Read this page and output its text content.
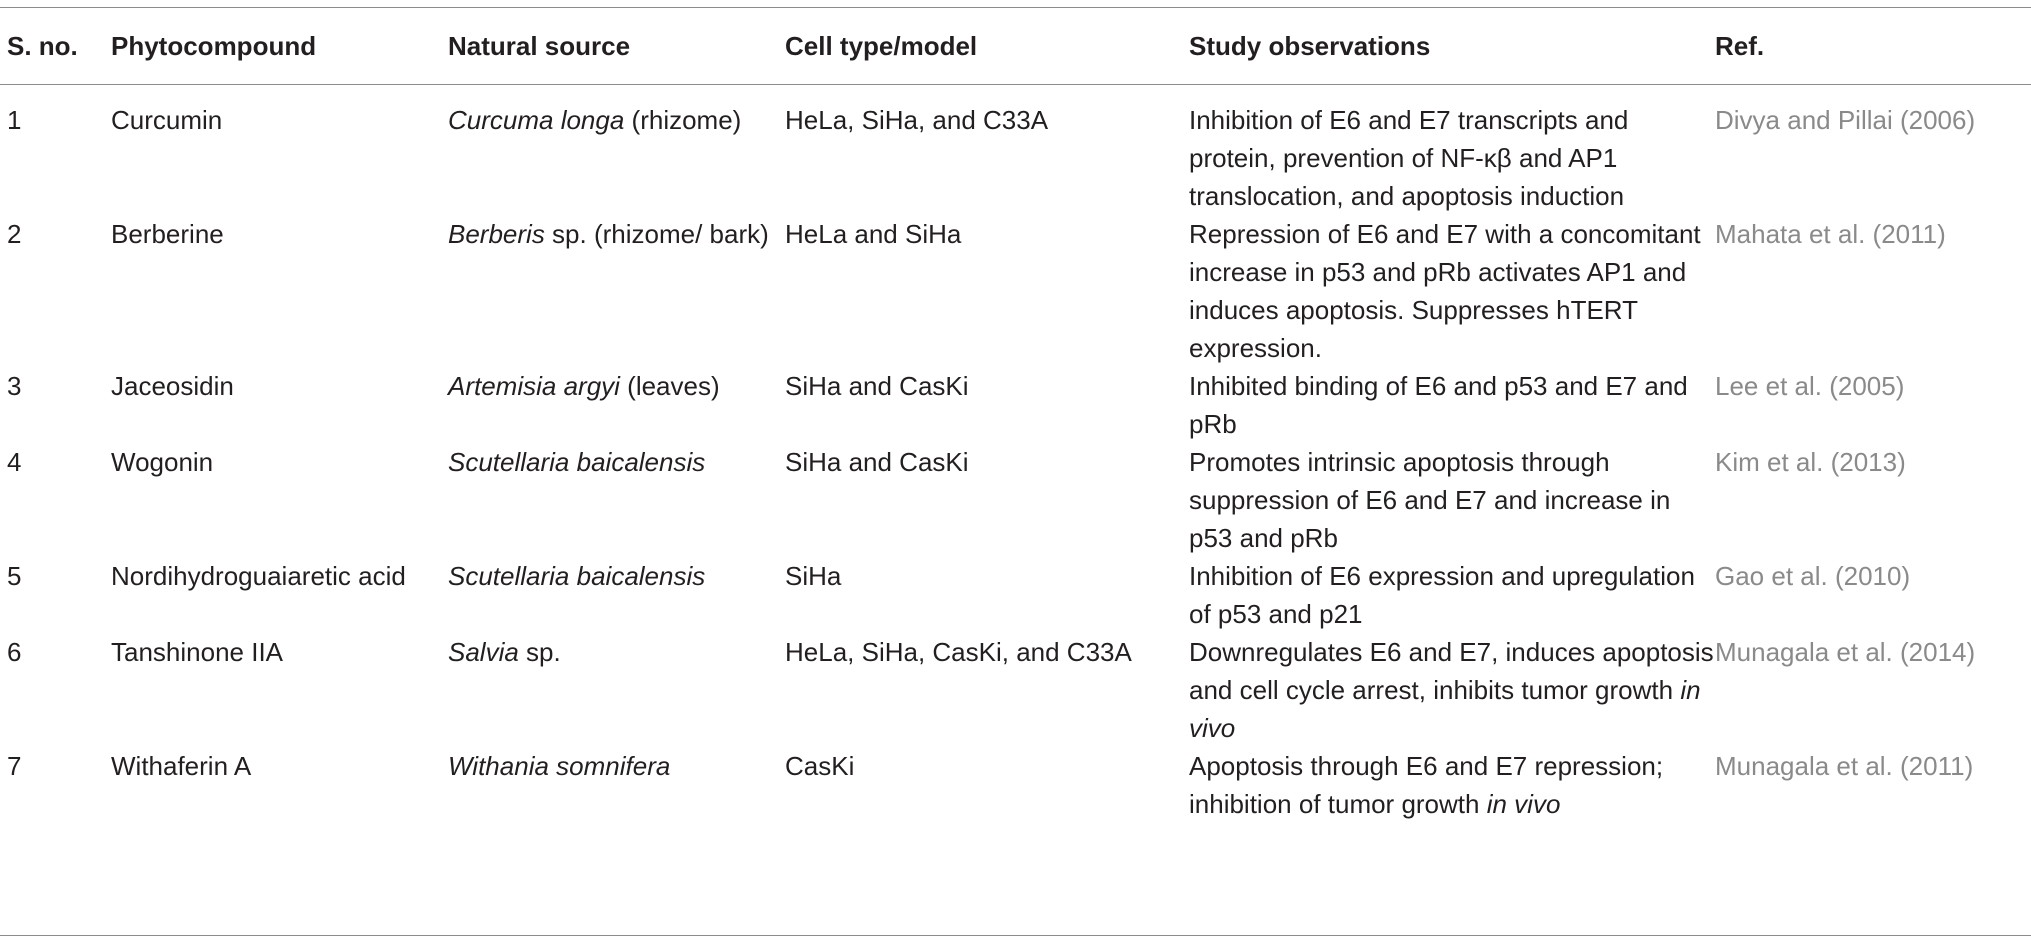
S. no.	Phytocompound	Natural source	Cell type/model	Study observations	Ref.
1	Curcumin	Curcuma longa (rhizome)	HeLa, SiHa, and C33A	Inhibition of E6 and E7 transcripts and protein, prevention of NF-κβ and AP1 translocation, and apoptosis induction	Divya and Pillai (2006)
2	Berberine	Berberis sp. (rhizome/ bark)	HeLa and SiHa	Repression of E6 and E7 with a concomitant increase in p53 and pRb activates AP1 and induces apoptosis. Suppresses hTERT expression.	Mahata et al. (2011)
3	Jaceosidin	Artemisia argyi (leaves)	SiHa and CasKi	Inhibited binding of E6 and p53 and E7 and pRb	Lee et al. (2005)
4	Wogonin	Scutellaria baicalensis	SiHa and CasKi	Promotes intrinsic apoptosis through suppression of E6 and E7 and increase in p53 and pRb	Kim et al. (2013)
5	Nordihydroguaiaretic acid	Scutellaria baicalensis	SiHa	Inhibition of E6 expression and upregulation of p53 and p21	Gao et al. (2010)
6	Tanshinone IIA	Salvia sp.	HeLa, SiHa, CasKi, and C33A	Downregulates E6 and E7, induces apoptosis and cell cycle arrest, inhibits tumor growth in vivo	Munagala et al. (2014)
7	Withaferin A	Withania somnifera	CasKi	Apoptosis through E6 and E7 repression; inhibition of tumor growth in vivo	Munagala et al. (2011)
